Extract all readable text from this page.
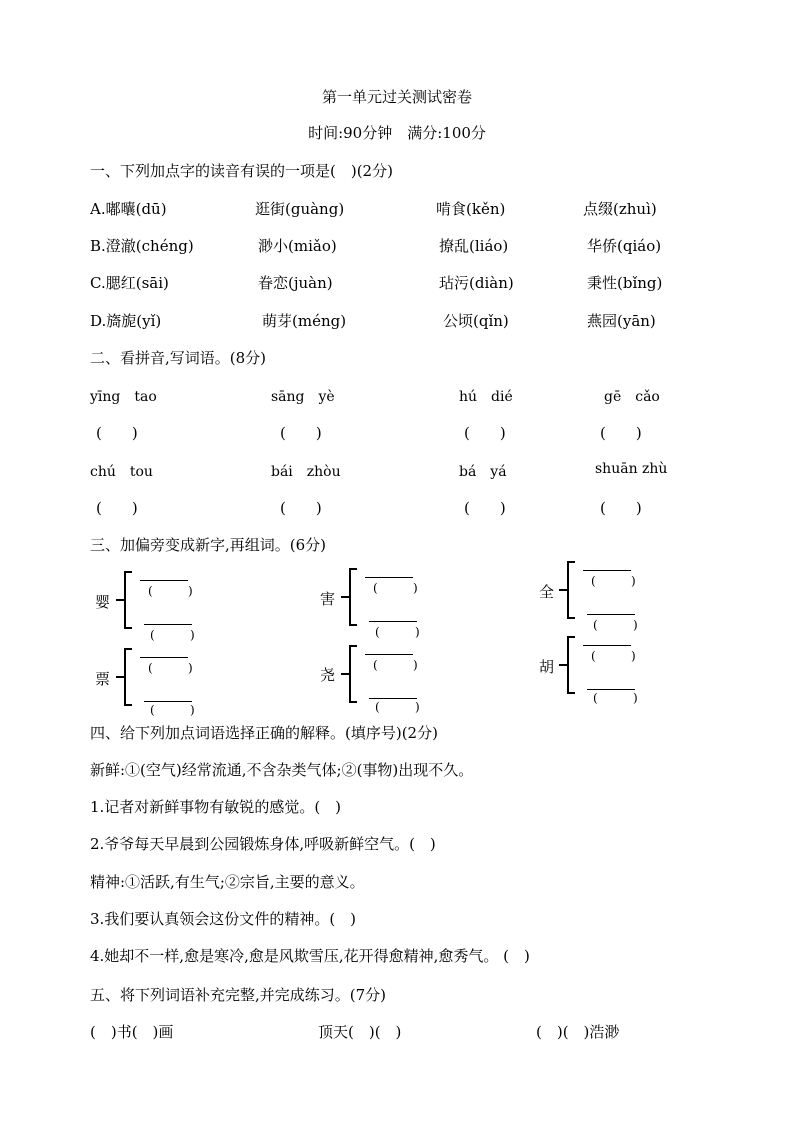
第一单元过关测试密卷
时间:90分钟　满分:100分
一、下列加点字的读音有误的一项是(　)(2分)
A.嘟囔(dū)	逛街(guàng)	啃食(kěn)	点缀(zhuì)
B.澄澈(chéng)	渺小(miǎo)	撩乱(liáo)	华侨(qiáo)
C.腮红(sāi)	眷恋(juàn)	玷污(diàn)	秉性(bǐng)
D.旖旎(yǐ)	萌芽(méng)	公顷(qǐn)	燕园(yān)
二、看拼音,写词语。(8分)
yīng　tao	sāng　yè	hú　dié	gē　cǎo
(　　)	(　　)	(　　)	(　　)
chú　tou	bái　zhòu	bá　yá	shuān zhù
(　　)	(　　)	(　　)	(　　)
三、加偏旁变成新字,再组词。(6分)
婴
(	)
(	)
害
(	)
(	)
全
(	)
(	)
票
(	)
(	)
尧
(	)
(	)
胡
(	)
(	)
四、给下列加点词语选择正确的解释。(填序号)(2分)
新鲜:①(空气)经常流通,不含杂类气体;②(事物)出现不久。
1.记者对新鲜事物有敏锐的感觉。(　)
2.爷爷每天早晨到公园锻炼身体,呼吸新鲜空气。(　)
精神:①活跃,有生气;②宗旨,主要的意义。
3.我们要认真领会这份文件的精神。(　)
4.她却不一样,愈是寒冷,愈是风欺雪压,花开得愈精神,愈秀气。 (　)
五、将下列词语补充完整,并完成练习。(7分)
(　)书(　)画	顶天(　)(　)	(　)(　)浩渺
